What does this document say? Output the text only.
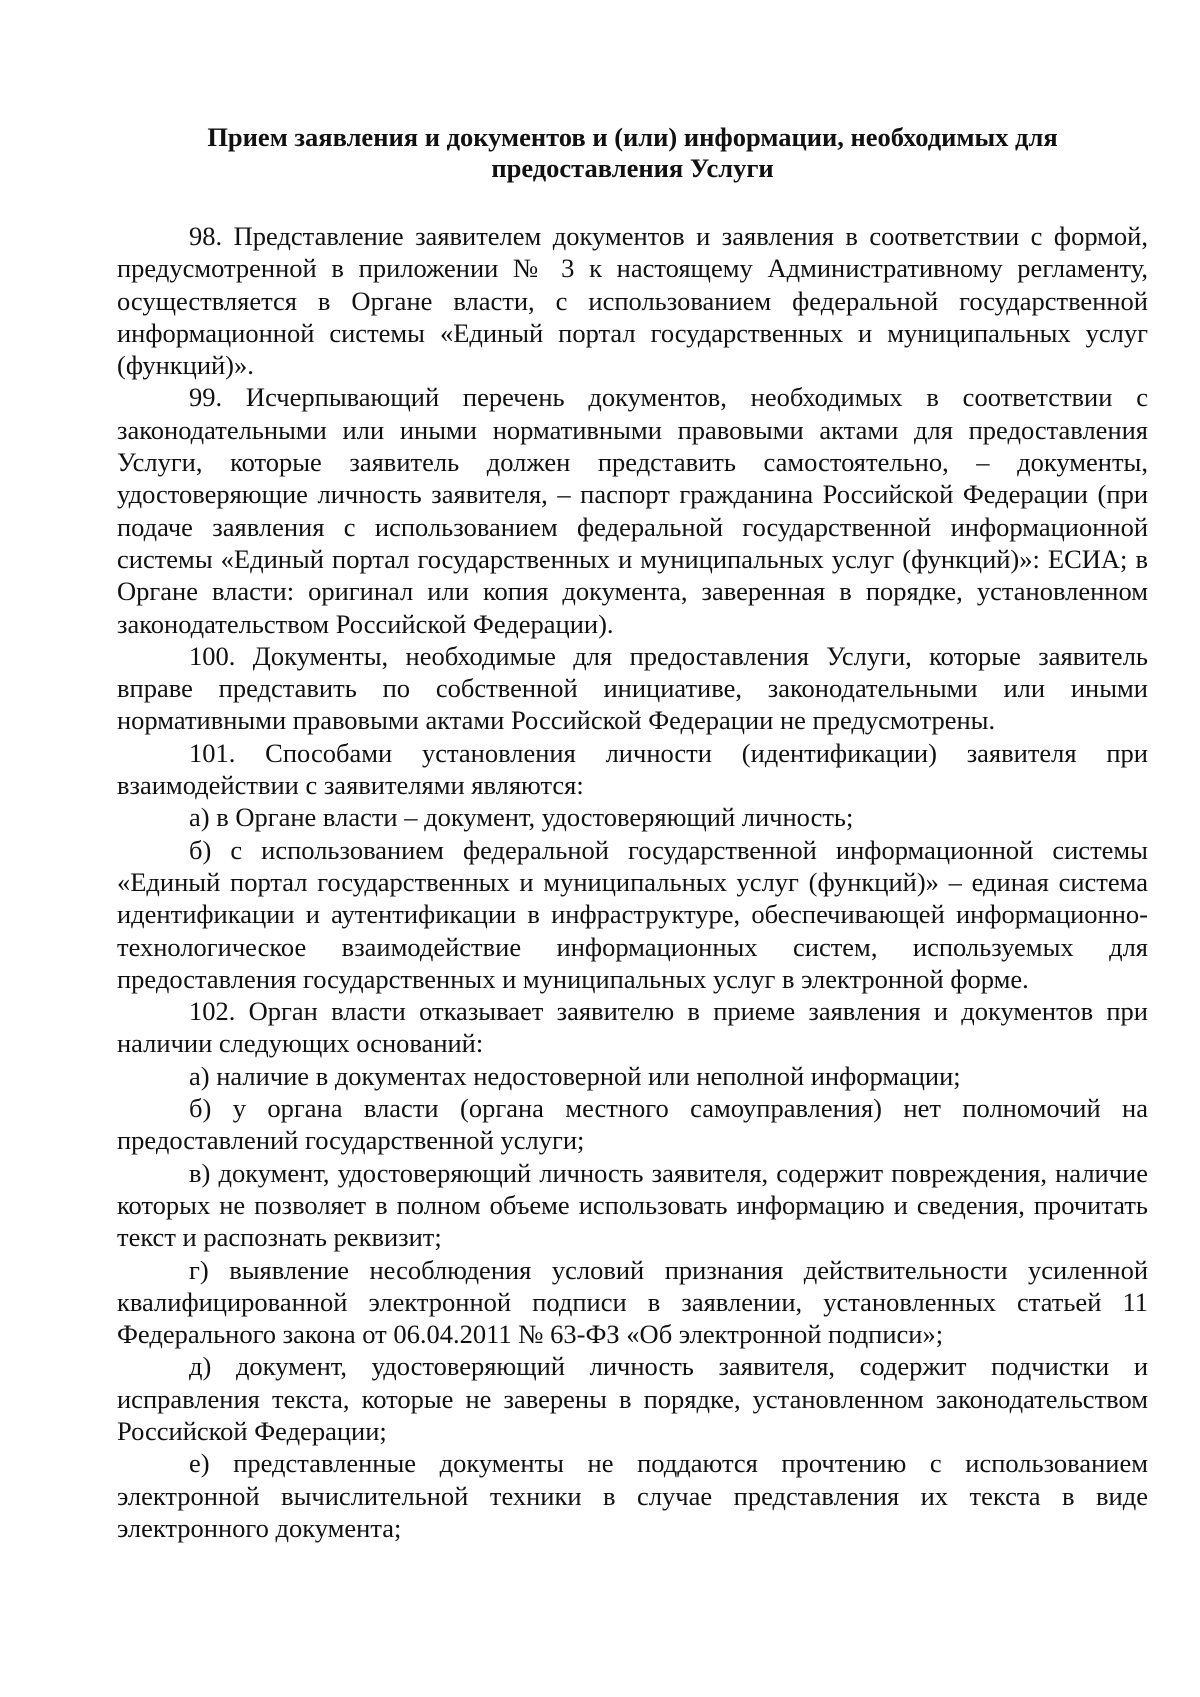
Прием заявления и документов и (или) информации, необходимых для
предоставления Услуги

98. Представление заявителем документов и заявления в соответствии с формой, предусмотренной в приложении № 3 к настоящему Административному регламенту, осуществляется в Органе власти, с использованием федеральной государственной информационной системы «Единый портал государственных и муниципальных услуг (функций)».

99. Исчерпывающий перечень документов, необходимых в соответствии с законодательными или иными нормативными правовыми актами для предоставления Услуги, которые заявитель должен представить самостоятельно, – документы, удостоверяющие личность заявителя, – паспорт гражданина Российской Федерации (при подаче заявления с использованием федеральной государственной информационной системы «Единый портал государственных и муниципальных услуг (функций)»: ЕСИА; в Органе власти: оригинал или копия документа, заверенная в порядке, установленном законодательством Российской Федерации).

100. Документы, необходимые для предоставления Услуги, которые заявитель вправе представить по собственной инициативе, законодательными или иными нормативными правовыми актами Российской Федерации не предусмотрены.

101. Способами установления личности (идентификации) заявителя при взаимодействии с заявителями являются:

а) в Органе власти – документ, удостоверяющий личность;

б) с использованием федеральной государственной информационной системы «Единый портал государственных и муниципальных услуг (функций)» – единая система идентификации и аутентификации в инфраструктуре, обеспечивающей информационно-технологическое взаимодействие информационных систем, используемых для предоставления государственных и муниципальных услуг в электронной форме.

102. Орган власти отказывает заявителю в приеме заявления и документов при наличии следующих оснований:

а) наличие в документах недостоверной или неполной информации;

б) у органа власти (органа местного самоуправления) нет полномочий на предоставлений государственной услуги;

в) документ, удостоверяющий личность заявителя, содержит повреждения, наличие которых не позволяет в полном объеме использовать информацию и сведения, прочитать текст и распознать реквизит;

г) выявление несоблюдения условий признания действительности усиленной квалифицированной электронной подписи в заявлении, установленных статьей 11 Федерального закона от 06.04.2011 № 63-ФЗ «Об электронной подписи»;

д) документ, удостоверяющий личность заявителя, содержит подчистки и исправления текста, которые не заверены в порядке, установленном законодательством Российской Федерации;

е) представленные документы не поддаются прочтению с использованием электронной вычислительной техники в случае представления их текста в виде электронного документа;
